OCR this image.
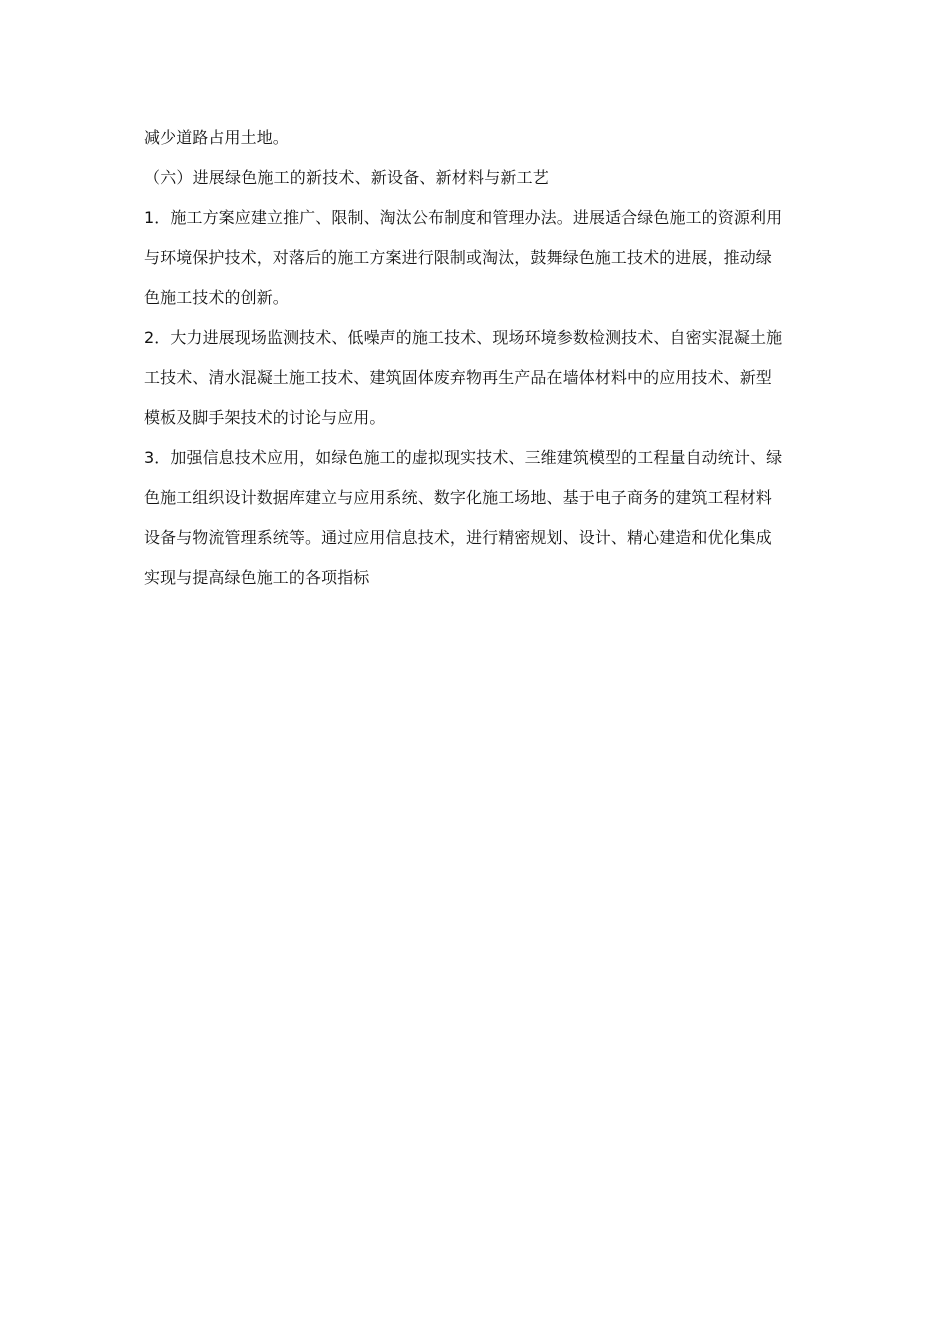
减少道路占用土地。
（六）进展绿色施工的新技术、新设备、新材料与新工艺
1．施工方案应建立推广、限制、淘汰公布制度和管理办法。进展适合绿色施工的资源利用
与环境保护技术，对落后的施工方案进行限制或淘汰，鼓舞绿色施工技术的进展，推动绿
色施工技术的创新。
2．大力进展现场监测技术、低噪声的施工技术、现场环境参数检测技术、自密实混凝土施
工技术、清水混凝土施工技术、建筑固体废弃物再生产品在墙体材料中的应用技术、新型
模板及脚手架技术的讨论与应用。
3．加强信息技术应用，如绿色施工的虚拟现实技术、三维建筑模型的工程量自动统计、绿
色施工组织设计数据库建立与应用系统、数字化施工场地、基于电子商务的建筑工程材料
设备与物流管理系统等。通过应用信息技术，进行精密规划、设计、精心建造和优化集成
实现与提高绿色施工的各项指标
